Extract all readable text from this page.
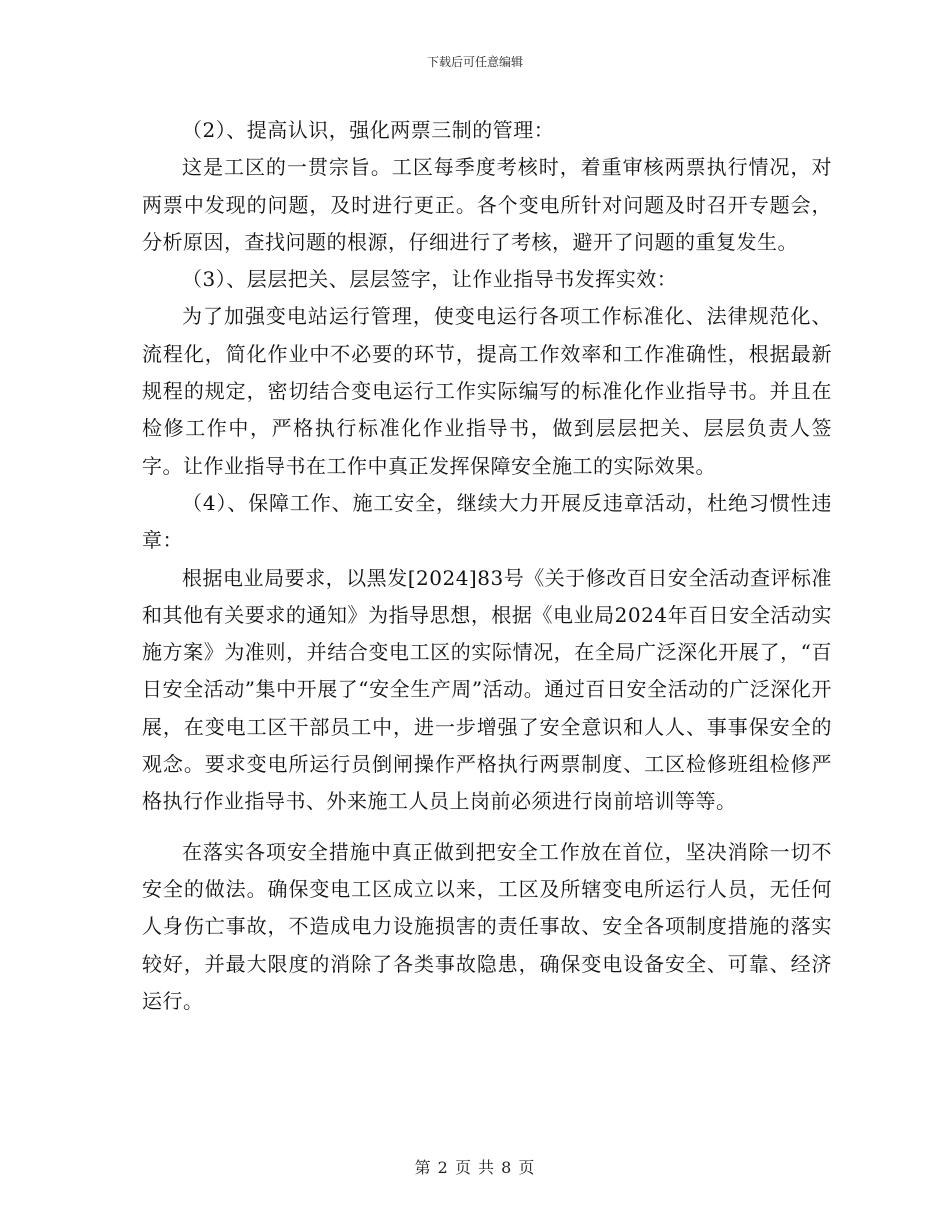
下载后可任意编辑

（2）、提高认识，强化两票三制的管理：

这是工区的一贯宗旨。工区每季度考核时，着重审核两票执行情况，对两票中发现的问题，及时进行更正。各个变电所针对问题及时召开专题会，分析原因，查找问题的根源，仔细进行了考核，避开了问题的重复发生。

（3）、层层把关、层层签字，让作业指导书发挥实效：

为了加强变电站运行管理，使变电运行各项工作标准化、法律规范化、流程化，简化作业中不必要的环节，提高工作效率和工作准确性，根据最新规程的规定，密切结合变电运行工作实际编写的标准化作业指导书。并且在检修工作中，严格执行标准化作业指导书，做到层层把关、层层负责人签字。让作业指导书在工作中真正发挥保障安全施工的实际效果。

（4）、保障工作、施工安全，继续大力开展反违章活动，杜绝习惯性违章：

根据电业局要求，以黑发[2024]83号《关于修改百日安全活动查评标准和其他有关要求的通知》为指导思想，根据《电业局2024年百日安全活动实施方案》为准则，并结合变电工区的实际情况，在全局广泛深化开展了，“百日安全活动”集中开展了“安全生产周”活动。通过百日安全活动的广泛深化开展，在变电工区干部员工中，进一步增强了安全意识和人人、事事保安全的观念。要求变电所运行员倒闸操作严格执行两票制度、工区检修班组检修严格执行作业指导书、外来施工人员上岗前必须进行岗前培训等等。

在落实各项安全措施中真正做到把安全工作放在首位，坚决消除一切不安全的做法。确保变电工区成立以来，工区及所辖变电所运行人员，无任何人身伤亡事故，不造成电力设施损害的责任事故、安全各项制度措施的落实较好，并最大限度的消除了各类事故隐患，确保变电设备安全、可靠、经济运行。

第 2 页 共 8 页
